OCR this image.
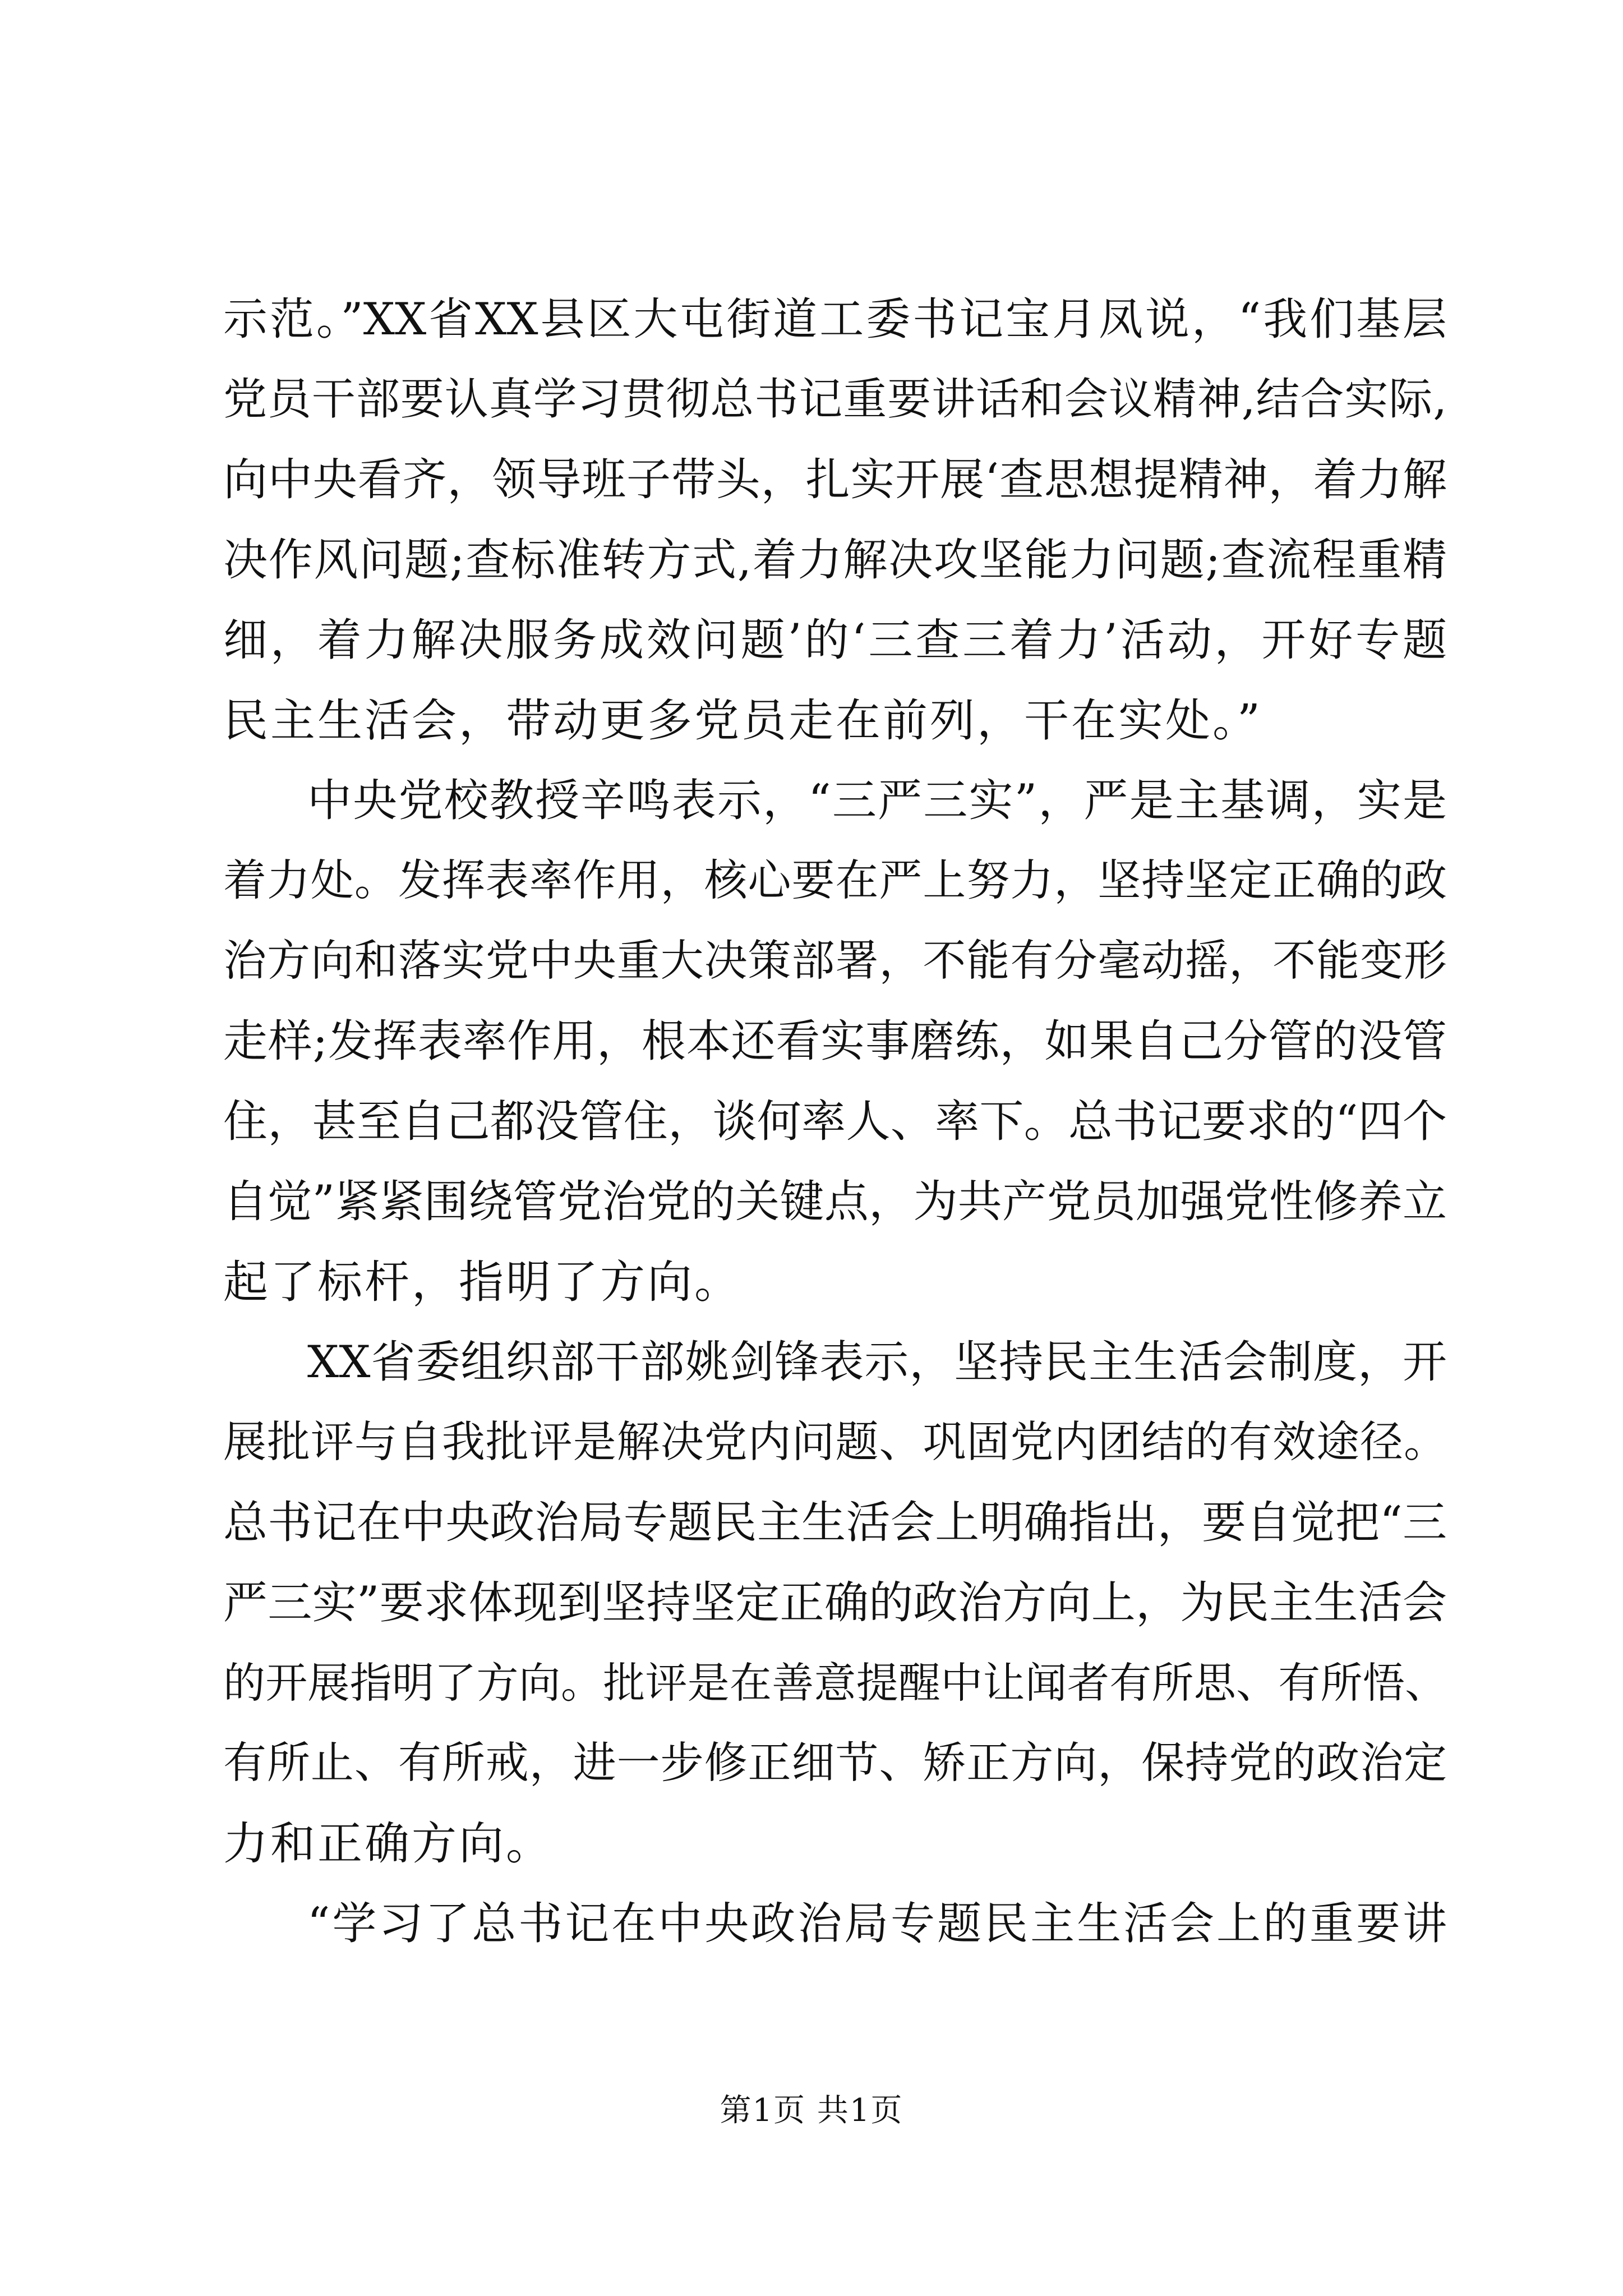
示范。”XX省XX县区大屯街道工委书记宝月凤说，“我们基层
党员干部要认真学习贯彻总书记重要讲话和会议精神,结合实际,
向中央看齐，领导班子带头，扎实开展‘查思想提精神，着力解
决作风问题;查标准转方式,着力解决攻坚能力问题;查流程重精
细，着力解决服务成效问题’的‘三查三着力’活动，开好专题
民主生活会，带动更多党员走在前列，干在实处。”
中央党校教授辛鸣表示，“三严三实”，严是主基调，实是
着力处。发挥表率作用，核心要在严上努力，坚持坚定正确的政
治方向和落实党中央重大决策部署，不能有分毫动摇，不能变形
走样;发挥表率作用，根本还看实事磨练，如果自己分管的没管
住，甚至自己都没管住，谈何率人、率下。总书记要求的“四个
自觉”紧紧围绕管党治党的关键点，为共产党员加强党性修养立
起了标杆，指明了方向。
XX省委组织部干部姚剑锋表示，坚持民主生活会制度，开
展批评与自我批评是解决党内问题、巩固党内团结的有效途径。
总书记在中央政治局专题民主生活会上明确指出，要自觉把“三
严三实”要求体现到坚持坚定正确的政治方向上，为民主生活会
的开展指明了方向。批评是在善意提醒中让闻者有所思、有所悟、
有所止、有所戒，进一步修正细节、矫正方向，保持党的政治定
力和正确方向。
“学习了总书记在中央政治局专题民主生活会上的重要讲
第1页 共1页
